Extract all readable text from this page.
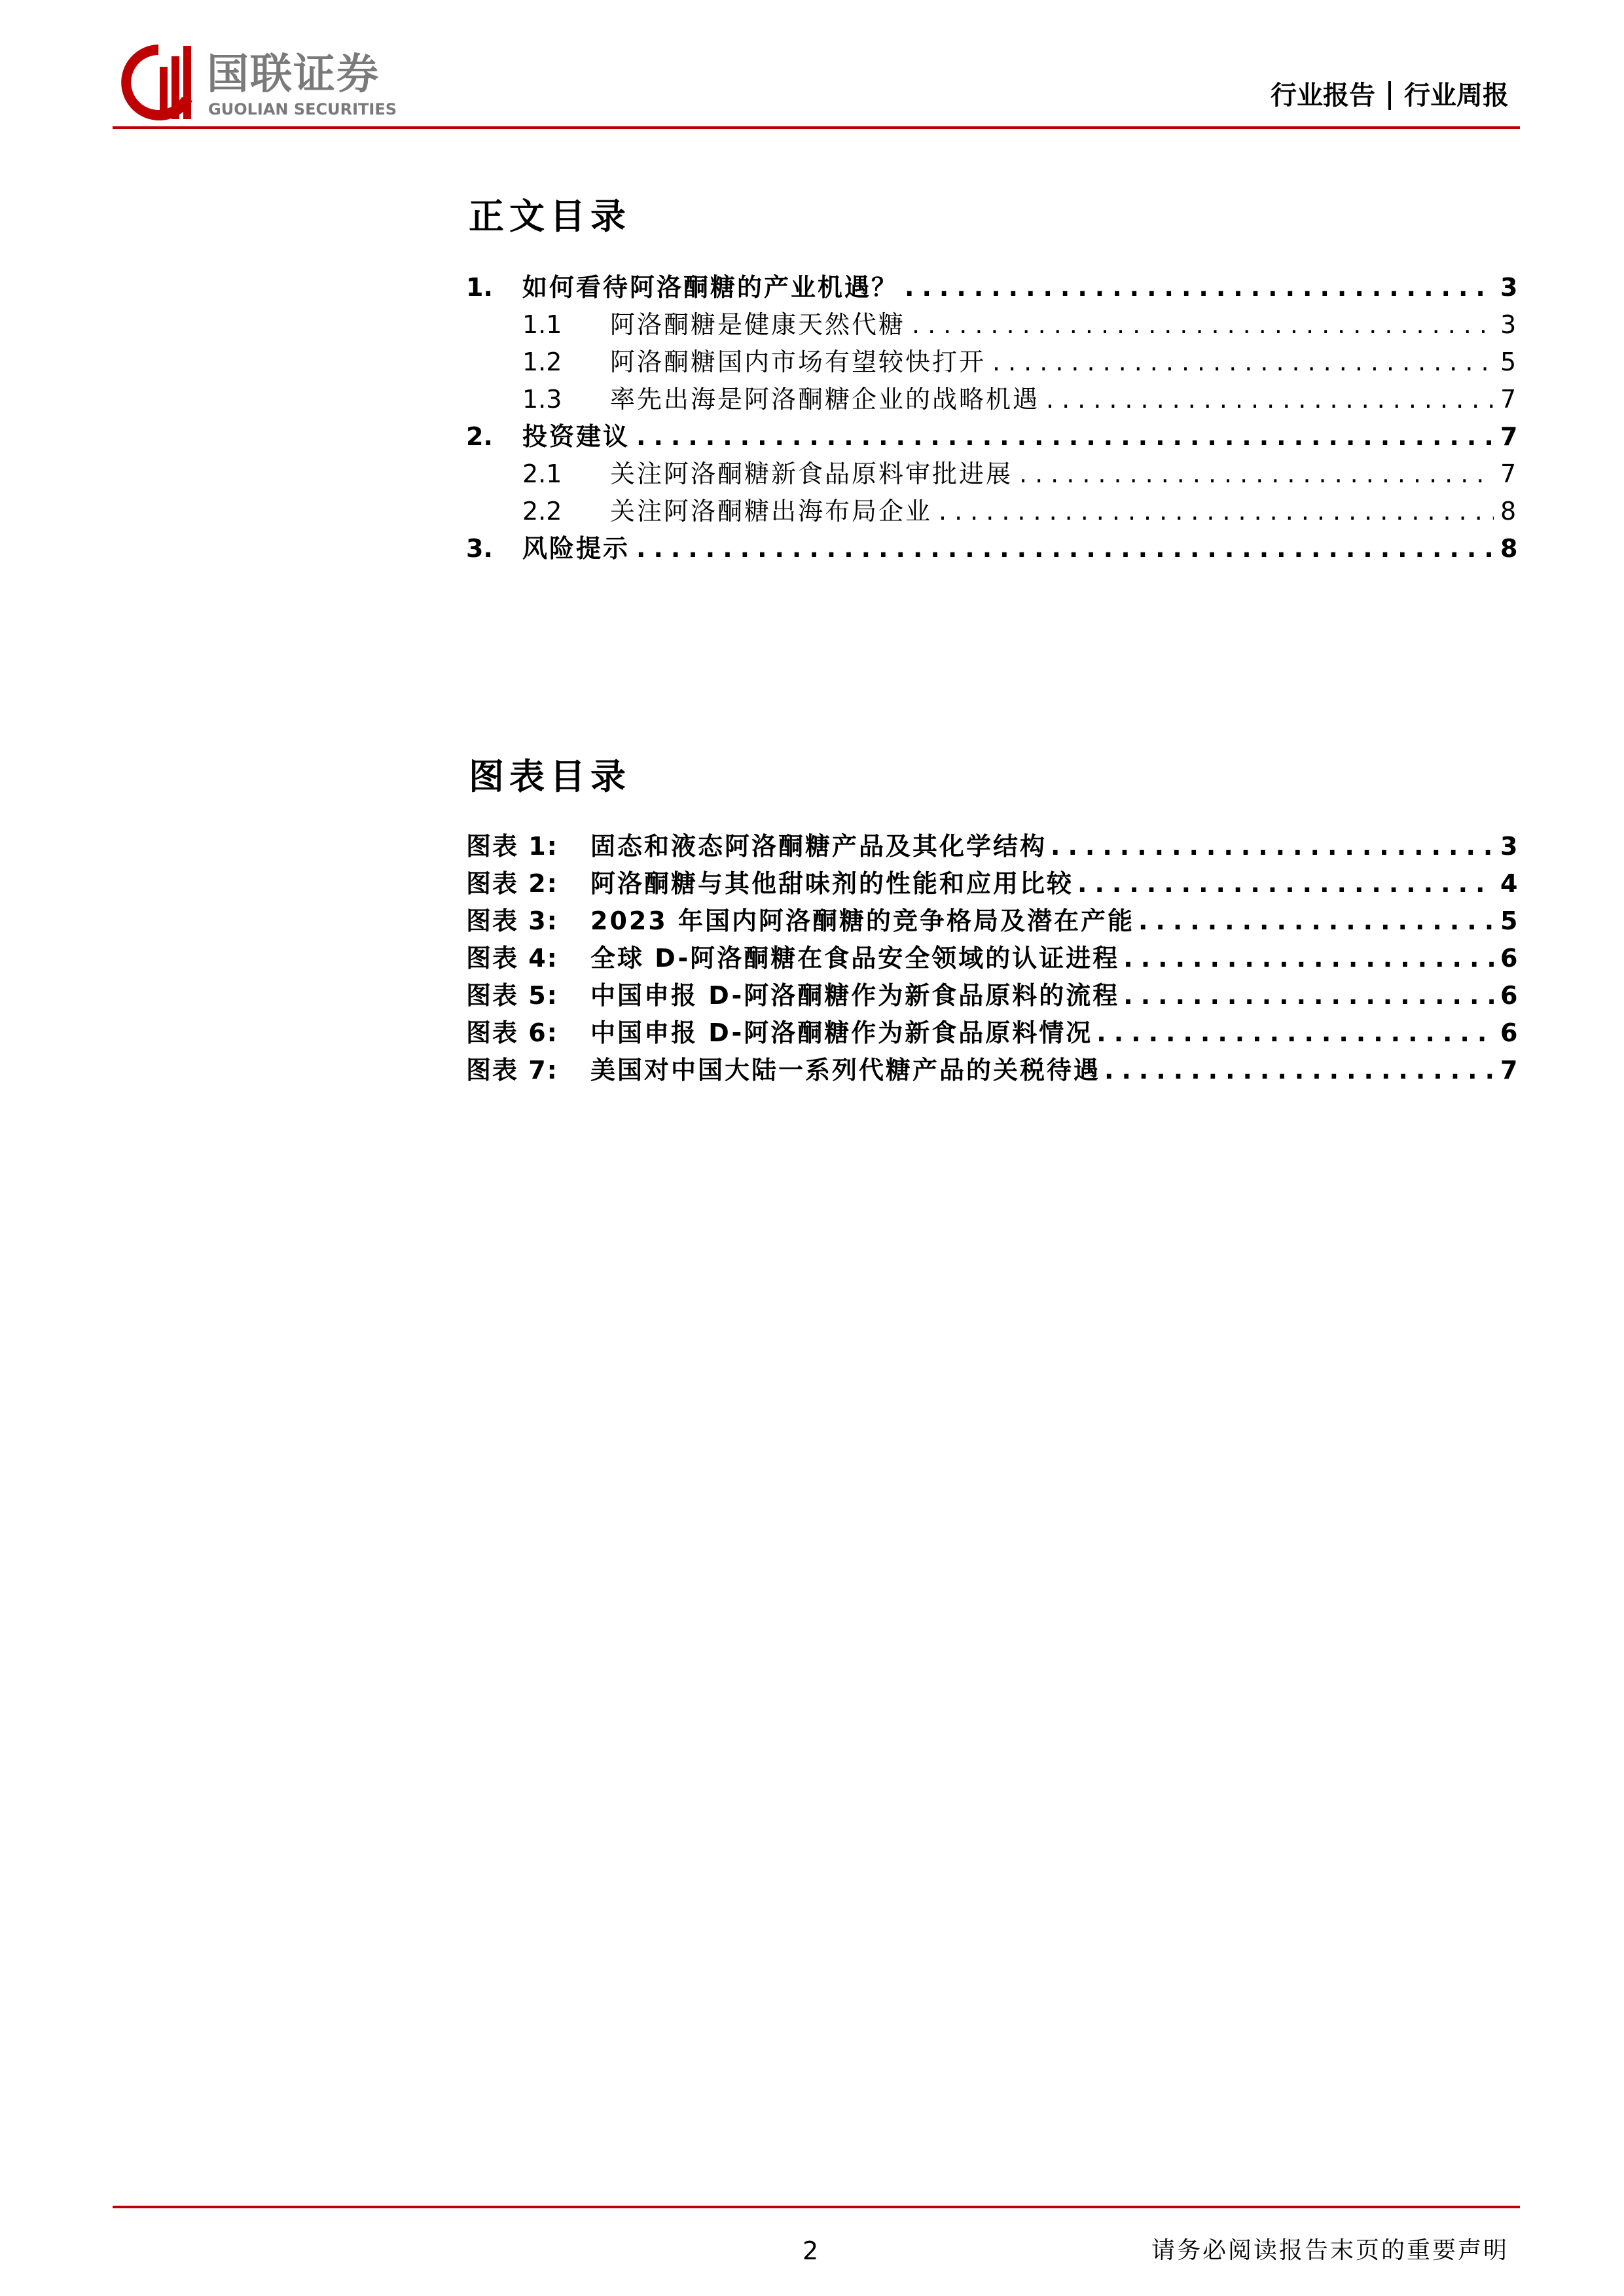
国联证券
GUOLIAN SECURITIES	行业报告 行业周报
正文目录
1.	如何看待阿洛酮糖的产业机遇？ .....	3
1.1	阿洛酮糖是健康天然代糖 .....	3
1.2	阿洛酮糖国内市场有望较快打开 .....	5
1.3	率先出海是阿洛酮糖企业的战略机遇 .....	7
2.	投资建议 .....	7
2.1	关注阿洛酮糖新食品原料审批进展 .....	7
2.2	关注阿洛酮糖出海布局企业 .....	8
3.	风险提示 .....	8
图表目录
图表 1:	固态和液态阿洛酮糖产品及其化学结构 .....	3
图表 2:	阿洛酮糖与其他甜味剂的性能和应用比较 .....	4
图表 3:	2023 年国内阿洛酮糖的竞争格局及潜在产能 .....	5
图表 4:	全球 D-阿洛酮糖在食品安全领域的认证进程 .....	6
图表 5:	中国申报 D-阿洛酮糖作为新食品原料的流程 .....	6
图表 6:	中国申报 D-阿洛酮糖作为新食品原料情况 .....	6
图表 7:	美国对中国大陆一系列代糖产品的关税待遇 .....	7
2	请务必阅读报告末页的重要声明
